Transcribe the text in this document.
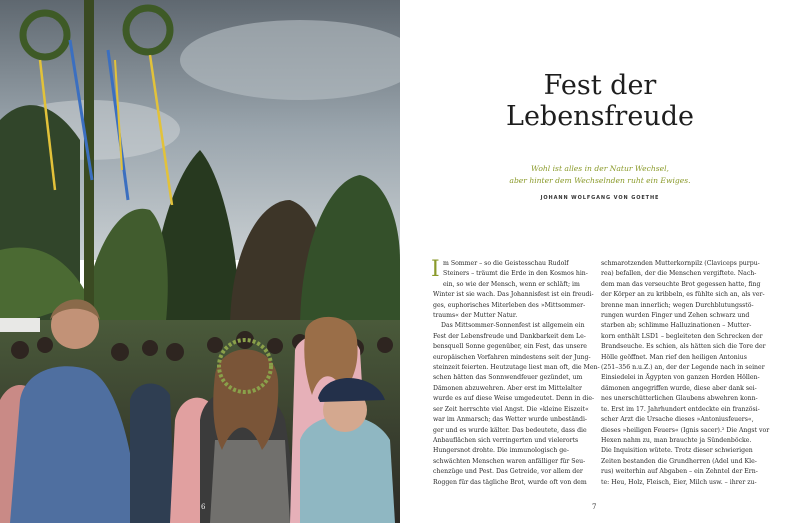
6
Fest der
Lebensfreude

Wohl ist alles in der Natur Wechsel,
aber hinter dem Wechselnden ruht ein Ewiges.

JOHANN WOLFGANG VON GOETHE
I m Sommer – so die Geistesschau Rudolf
Steiners – träumt die Erde in den Kosmos hin-
ein, so wie der Mensch, wenn er schläft; im
Winter ist sie wach. Das Johannisfest ist ein freudi-
ges, euphorisches Miterleben des »Mittsommer-
traums« der Mutter Natur.
Das Mittsommer-Sonnenfest ist allgemein ein
Fest der Lebensfreude und Dankbarkeit dem Le-
bensquell Sonne gegenüber, ein Fest, das unsere
europäischen Vorfahren mindestens seit der Jung-
steinzeit feierten. Heutzutage liest man oft, die Men-
schen hätten das Sonnwendfeuer gezündet, um
Dämonen abzuwehren. Aber erst im Mittelalter
wurde es auf diese Weise umgedeutet. Denn in die-
ser Zeit herrschte viel Angst. Die »kleine Eiszeit«
war im Anmarsch; das Wetter wurde unbeständi-
ger und es wurde kälter. Das bedeutete, dass die
Anbauflächen sich verringerten und vielerorts
Hungersnot drohte. Die immunologisch ge-
schwächten Menschen waren anfälliger für Seu-
chenzüge und Pest. Das Getreide, vor allem der
Roggen für das tägliche Brot, wurde oft von dem
schmarotzenden Mutterkornpilz (Claviceps purpu-
rea) befallen, der die Menschen vergiftete. Nach-
dem man das verseuchte Brot gegessen hatte, fing
der Körper an zu kribbeln, es fühlte sich an, als ver-
brenne man innerlich; wegen Durchblutungsstö-
rungen wurden Finger und Zehen schwarz und
starben ab; schlimme Halluzinationen – Mutter-
korn enthält LSD1 – begleiteten den Schrecken der
Brandseuche. Es schien, als hätten sich die Tore der
Hölle geöffnet. Man rief den heiligen Antonius
(251–356 n.u.Z.) an, der der Legende nach in seiner
Einsiedelei in Ägypten von ganzen Horden Höllen-
dämonen angegriffen wurde, diese aber dank sei-
nes unerschütterlichen Glaubens abwehren konn-
te. Erst im 17. Jahrhundert entdeckte ein französi-
scher Arzt die Ursache dieses »Antoniusfeuers«,
dieses »heiligen Feuers« (Ignis sacer).² Die Angst vor
Hexen nahm zu, man brauchte ja Sündenböcke.
Die Inquisition wütete. Trotz dieser schwierigen
Zeiten bestanden die Grundherren (Adel und Kle-
rus) weiterhin auf Abgaben – ein Zehntel der Ern-
te: Heu, Holz, Fleisch, Eier, Milch usw. – ihrer zu-
7
